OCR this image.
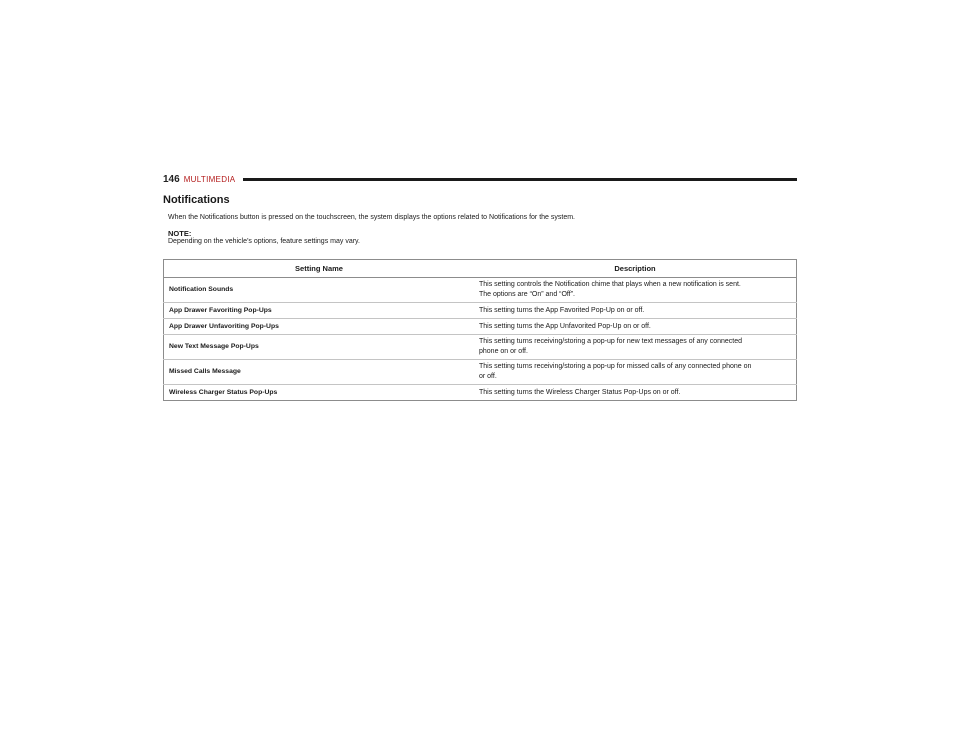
146 MULTIMEDIA
Notifications

When the Notifications button is pressed on the touchscreen, the system displays the options related to Notifications for the system.

NOTE:

Depending on the vehicle’s options, feature settings may vary.

Setting Name	Description
Notification Sounds	This setting controls the Notification chime that plays when a new notification is sent.
The options are “On” and “Off”.

App Drawer Favoriting Pop-Ups	This setting turns the App Favorited Pop-Up on or off.

App Drawer Unfavoriting Pop-Ups	This setting turns the App Unfavorited Pop-Up on or off.

New Text Message Pop-Ups	This setting turns receiving/storing a pop-up for new text messages of any connected
phone on or off.

Missed Calls Message	This setting turns receiving/storing a pop-up for missed calls of any connected phone on
or off.

Wireless Charger Status Pop-Ups	This setting turns the Wireless Charger Status Pop-Ups on or off.
